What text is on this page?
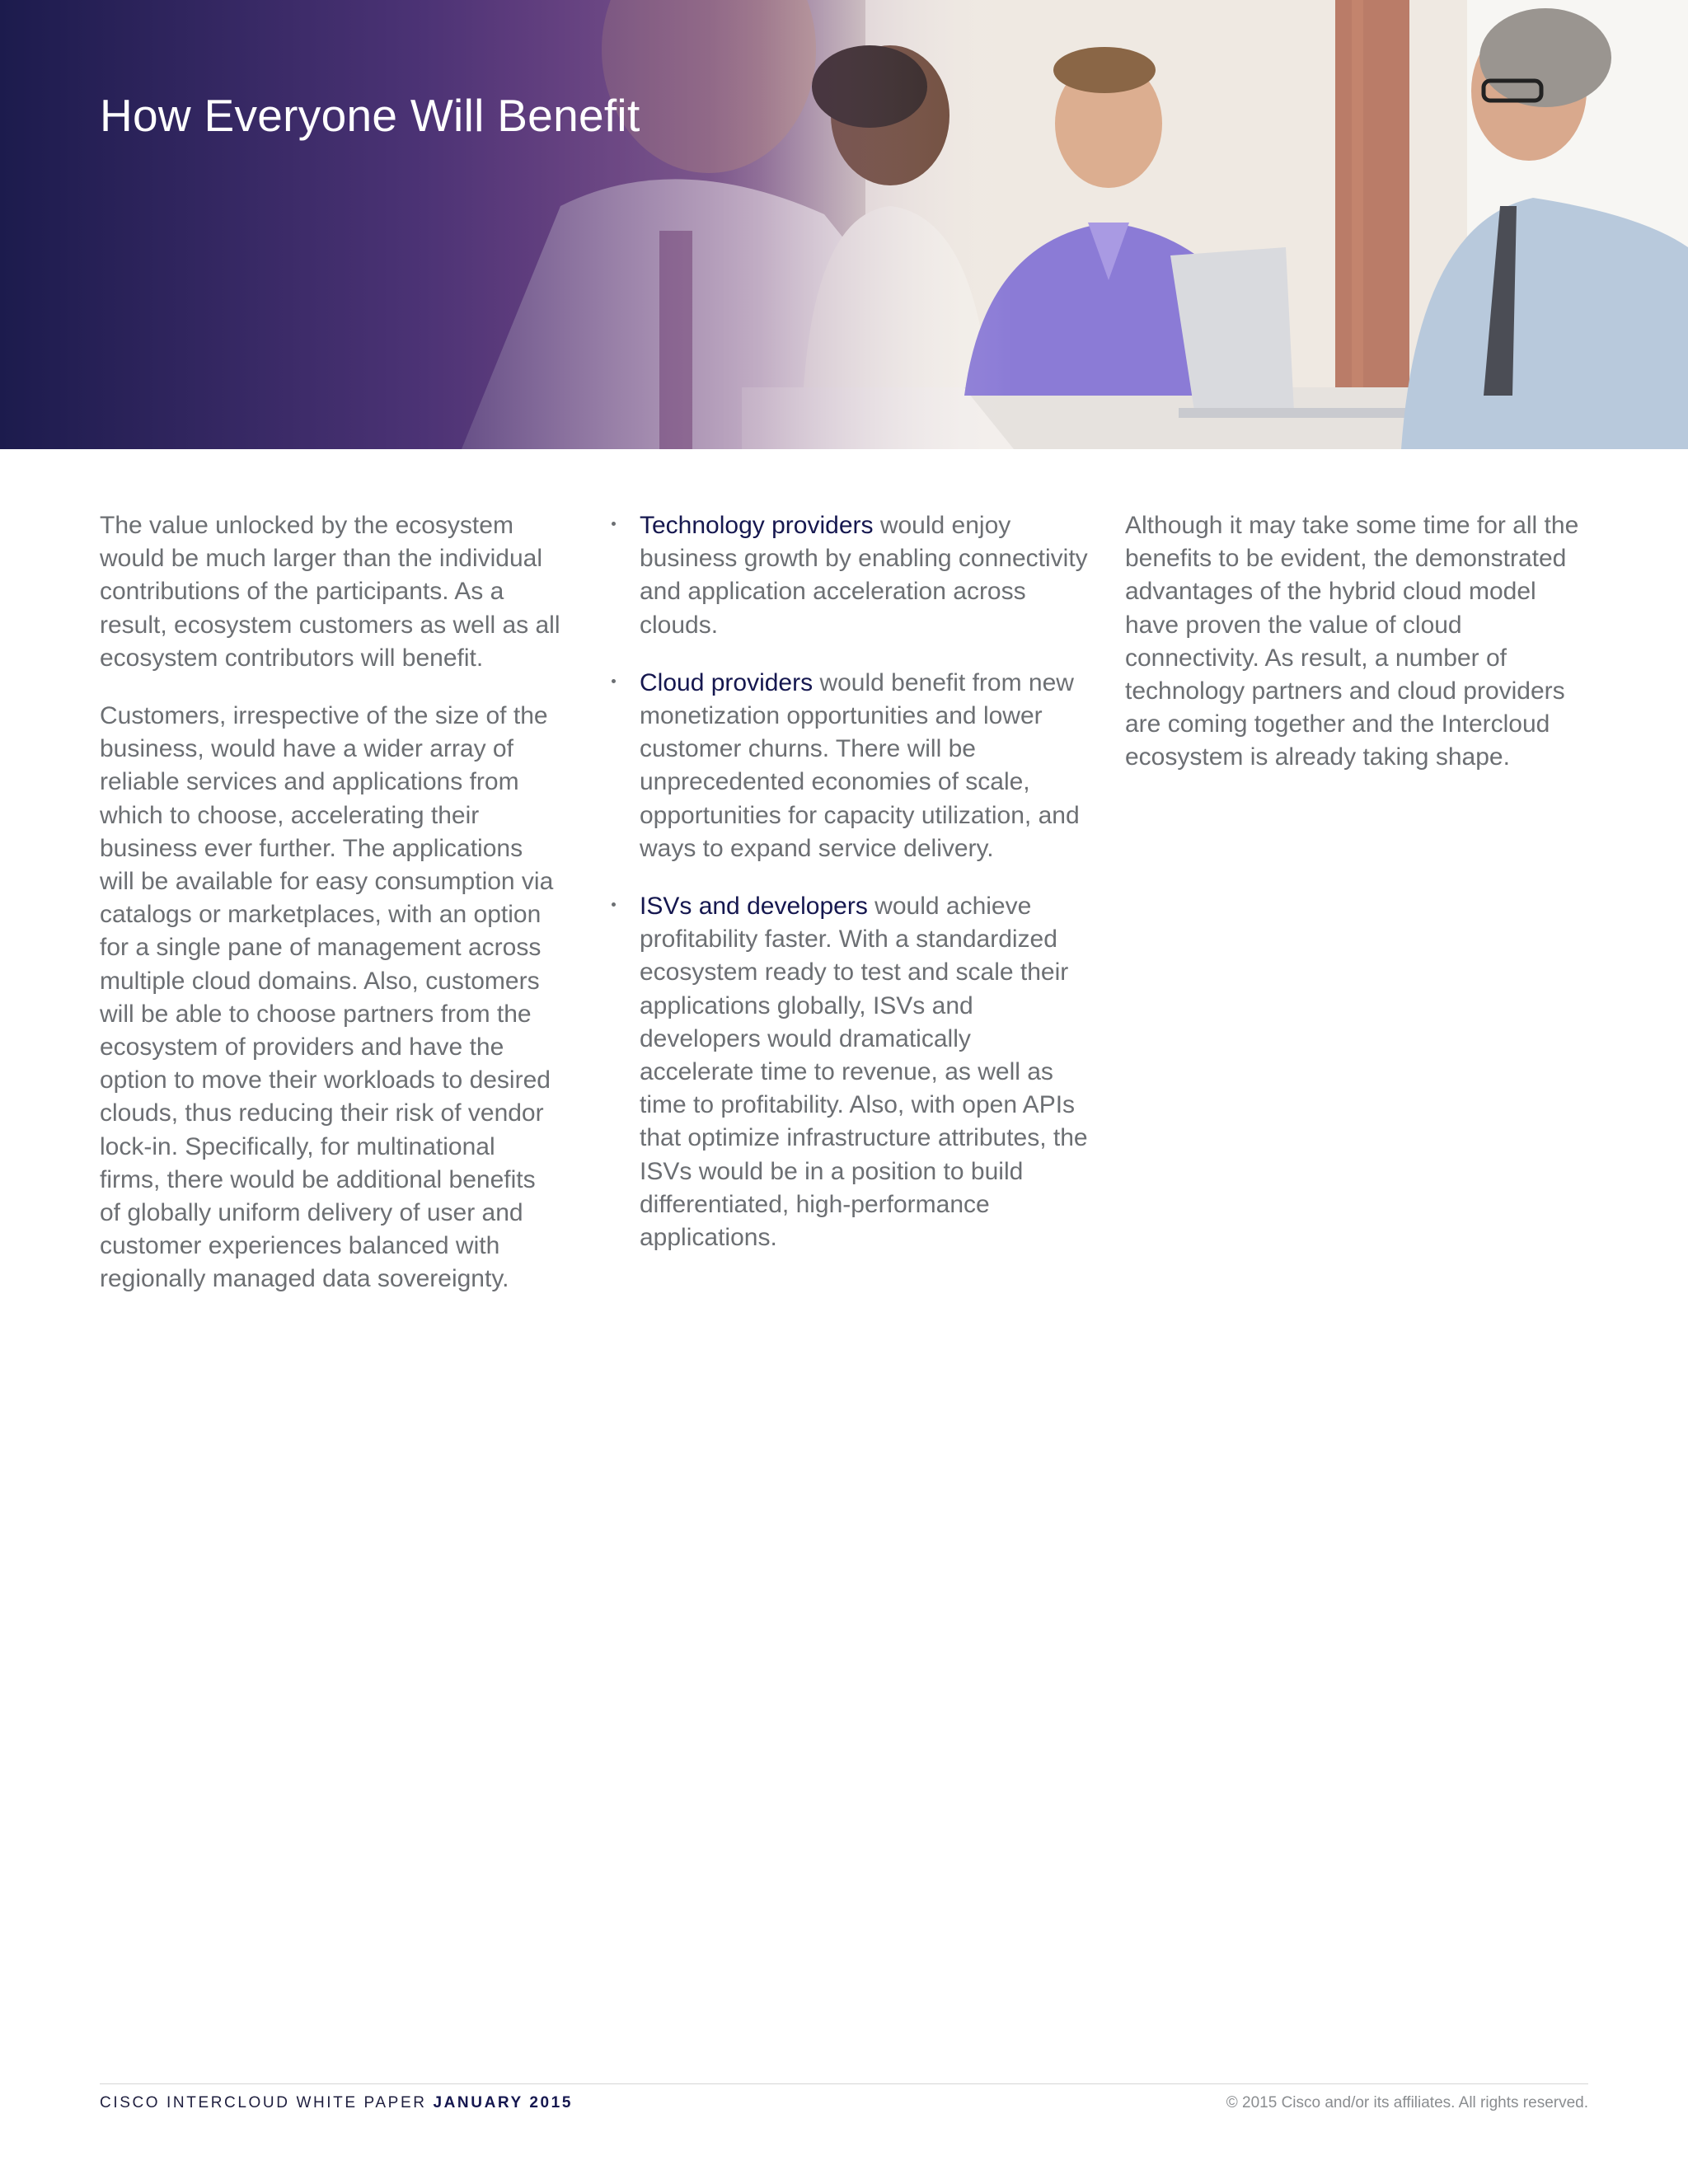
How Everyone Will Benefit

The value unlocked by the ecosystem would be much larger than the individual contributions of the participants. As a result, ecosystem customers as well as all ecosystem contributors will benefit.

Customers, irrespective of the size of the business, would have a wider array of reliable services and applications from which to choose, accelerating their business ever further. The applications will be available for easy consumption via catalogs or marketplaces, with an option for a single pane of management across multiple cloud domains. Also, customers will be able to choose partners from the ecosystem of providers and have the option to move their workloads to desired clouds, thus reducing their risk of vendor lock-in. Specifically, for multinational firms, there would be additional benefits of globally uniform delivery of user and customer experiences balanced with regionally managed data sovereignty.

Technology providers would enjoy business growth by enabling connectivity and application acceleration across clouds.
Cloud providers would benefit from new monetization opportunities and lower customer churns. There will be unprecedented economies of scale, opportunities for capacity utilization, and ways to expand service delivery.
ISVs and developers would achieve profitability faster. With a standardized ecosystem ready to test and scale their applications globally, ISVs and developers would dramatically accelerate time to revenue, as well as time to profitability. Also, with open APIs that optimize infrastructure attributes, the ISVs would be in a position to build differentiated, high-performance applications.

Although it may take some time for all the benefits to be evident, the demonstrated advantages of the hybrid cloud model have proven the value of cloud connectivity. As result, a number of technology partners and cloud providers are coming together and the Intercloud ecosystem is already taking shape.

CISCO INTERCLOUD WHITE PAPER JANUARY 2015	© 2015 Cisco and/or its affiliates. All rights reserved.
